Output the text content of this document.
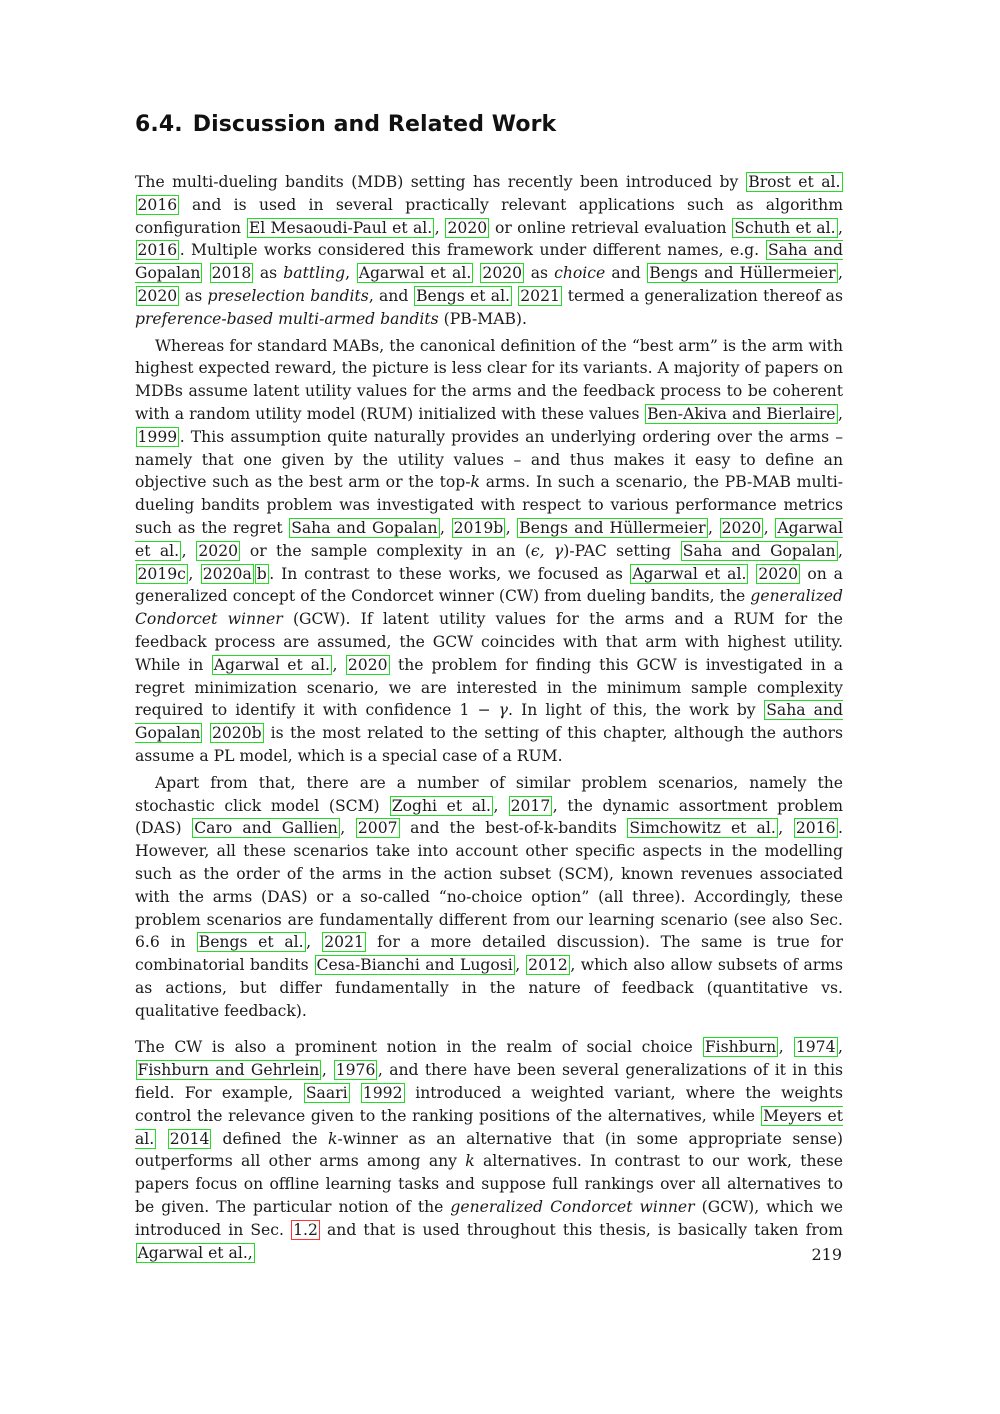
6.4. Discussion and Related Work

The multi-dueling bandits (MDB) setting has recently been introduced by Brost et al. 2016 and is used in several practically relevant applications such as algorithm configuration El Mesaoudi-Paul et al. , 2020 or online retrieval evaluation Schuth et al. , 2016 . Multiple works considered this framework under different names, e.g. Saha and Gopalan 2018 as battling, Agarwal et al. 2020 as choice and Bengs and Hüllermeier , 2020 as preselection bandits, and Bengs et al. 2021 termed a generalization thereof as preference-based multi-armed bandits (PB-MAB).

Whereas for standard MABs, the canonical definition of the “best arm” is the arm with highest expected reward, the picture is less clear for its variants. A majority of papers on MDBs assume latent utility values for the arms and the feedback process to be coherent with a random utility model (RUM) initialized with these values Ben-Akiva and Bierlaire , 1999 . This assumption quite naturally provides an underlying ordering over the arms – namely that one given by the utility values – and thus makes it easy to define an objective such as the best arm or the top-k arms. In such a scenario, the PB-MAB multi-dueling bandits problem was investigated with respect to various performance metrics such as the regret Saha and Gopalan , 2019b , Bengs and Hüllermeier , 2020 , Agarwal et al. , 2020 or the sample complexity in an (ϵ, γ)-PAC setting Saha and Gopalan , 2019c , 2020a b . In contrast to these works, we focused as Agarwal et al. 2020 on a generalized concept of the Condorcet winner (CW) from dueling bandits, the generalized Condorcet winner (GCW). If latent utility values for the arms and a RUM for the feedback process are assumed, the GCW coincides with that arm with highest utility. While in Agarwal et al. , 2020 the problem for finding this GCW is investigated in a regret minimization scenario, we are interested in the minimum sample complexity required to identify it with confidence 1 − γ. In light of this, the work by Saha and Gopalan 2020b is the most related to the setting of this chapter, although the authors assume a PL model, which is a special case of a RUM.

Apart from that, there are a number of similar problem scenarios, namely the stochastic click model (SCM) Zoghi et al. , 2017 , the dynamic assortment problem (DAS) Caro and Gallien , 2007 and the best-of-k-bandits Simchowitz et al. , 2016 . However, all these scenarios take into account other specific aspects in the modelling such as the order of the arms in the action subset (SCM), known revenues associated with the arms (DAS) or a so-called “no-choice option” (all three). Accordingly, these problem scenarios are fundamentally different from our learning scenario (see also Sec. 6.6 in Bengs et al. , 2021 for a more detailed discussion). The same is true for combinatorial bandits Cesa-Bianchi and Lugosi , 2012 , which also allow subsets of arms as actions, but differ fundamentally in the nature of feedback (quantitative vs. qualitative feedback).

The CW is also a prominent notion in the realm of social choice Fishburn , 1974 , Fishburn and Gehrlein , 1976 , and there have been several generalizations of it in this field. For example, Saari 1992 introduced a weighted variant, where the weights control the relevance given to the ranking positions of the alternatives, while Meyers et al. 2014 defined the k-winner as an alternative that (in some appropriate sense) outperforms all other arms among any k alternatives. In contrast to our work, these papers focus on offline learning tasks and suppose full rankings over all alternatives to be given. The particular notion of the generalized Condorcet winner (GCW), which we introduced in Sec. 1.2 and that is used throughout this thesis, is basically taken from Agarwal et al.,	219
